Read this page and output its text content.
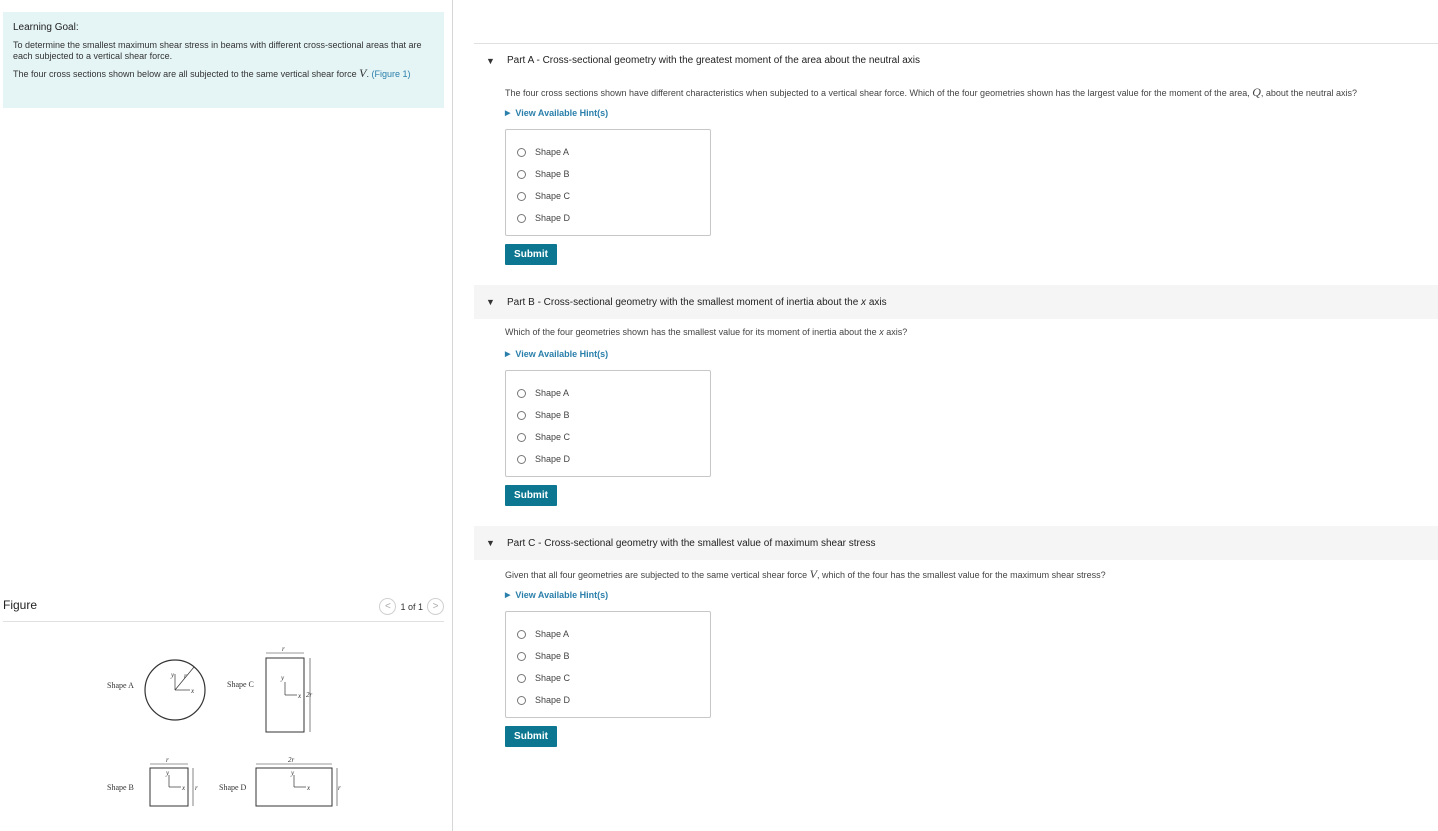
Learning Goal:
To determine the smallest maximum shear stress in beams with different cross-sectional areas that are each subjected to a vertical shear force.
The four cross sections shown below are all subjected to the same vertical shear force V. (Figure 1)
Figure	< 1 of 1 >
Shape A
y
x
r
Shape C
y
x
r
2r
Shape B
y
x
r
r	Shape D
y
x
2r
r
▼	Part A - Cross-sectional geometry with the greatest moment of the area about the neutral axis
The four cross sections shown have different characteristics when subjected to a vertical shear force. Which of the four geometries shown has the largest value for the moment of the area, Q, about the neutral axis?
▶ View Available Hint(s)
Shape A
Shape B
Shape C
Shape D
Submit
▼	Part B - Cross-sectional geometry with the smallest moment of inertia about the x axis
Which of the four geometries shown has the smallest value for its moment of inertia about the x axis?
▶ View Available Hint(s)
Shape A
Shape B
Shape C
Shape D
Submit
▼	Part C - Cross-sectional geometry with the smallest value of maximum shear stress
Given that all four geometries are subjected to the same vertical shear force V, which of the four has the smallest value for the maximum shear stress?
▶ View Available Hint(s)
Shape A
Shape B
Shape C
Shape D
Submit
